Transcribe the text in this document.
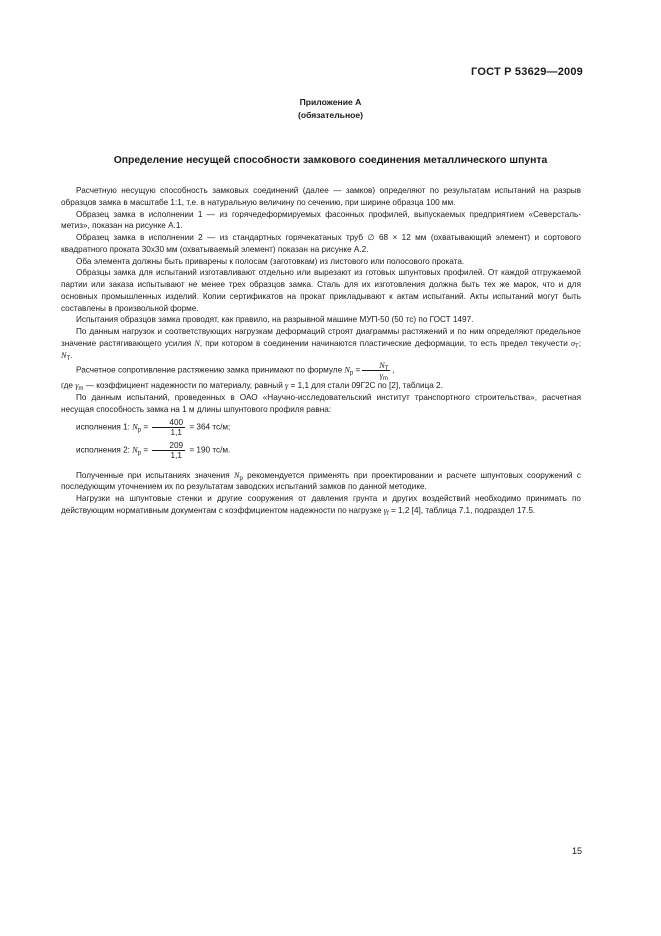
ГОСТ Р 53629—2009
Приложение А
(обязательное)
Определение несущей способности замкового соединения металлического шпунта

Расчетную несущую способность замковых соединений (далее — замков) определяют по результатам испытаний на разрыв образцов замка в масштабе 1:1, т.е. в натуральную величину по сечению, при ширине образца 100 мм.

Образец замка в исполнении 1 — из горячедеформируемых фасонных профилей, выпускаемых предприятием «Северсталь-метиз», показан на рисунке А.1.

Образец замка в исполнении 2 — из стандартных горячекатаных труб ∅ 68 × 12 мм (охватывающий элемент) и сортового квадратного проката 30х30 мм (охватываемый элемент) показан на рисунке А.2.

Оба элемента должны быть приварены к полосам (заготовкам) из листового или полосового проката.

Образцы замка для испытаний изготавливают отдельно или вырезают из готовых шпунтовых профилей. От каждой отгружаемой партии или заказа испытывают не менее трех образцов замка. Сталь для их изготовления должна быть тех же марок, что и для основных промышленных изделий. Копии сертификатов на прокат прикладывают к актам испытаний. Акты испытаний могут быть составлены в произвольной форме.

Испытания образцов замка проводят, как правило, на разрывной машине МУП-50 (50 тс) по ГОСТ 1497.

По данным нагрузок и соответствующих нагрузкам деформаций строят диаграммы растяжений и по ним определяют предельное значение растягивающего усилия N, при котором в соединении начинаются пластические деформации, то есть предел текучести $\sigma_T$; $N_T$.

Расчетное сопротивление растяжению замка принимают по формуле $N_p = \frac{N_T}{\gamma_m}$ ,

где $\gamma_m$ — коэффициент надежности по материалу, равный γ = 1,1 для стали 09Г2С по [2], таблица 2.

По данным испытаний, проведенных в ОАО «Научно-исследовательский институт транспортного строительства», расчетная несущая способность замка на 1 м длины шпунтового профиля равна:

исполнения 1: $N_p = \frac{400}{1,1} = 364$ тс/м;

исполнения 2: $N_p = \frac{209}{1,1} = 190$ тс/м.

Полученные при испытаниях значения $N_p$ рекомендуется применять при проектировании и расчете шпунтовых сооружений с последующим уточнением их по результатам заводских испытаний замков по данной методике.

Нагрузки на шпунтовые стенки и другие сооружения от давления грунта и других воздействий необходимо принимать по действующим нормативным документам с коэффициентом надежности по нагрузке $\gamma_f = 1,2$ [4], таблица 7.1, подраздел 17.5.

15
